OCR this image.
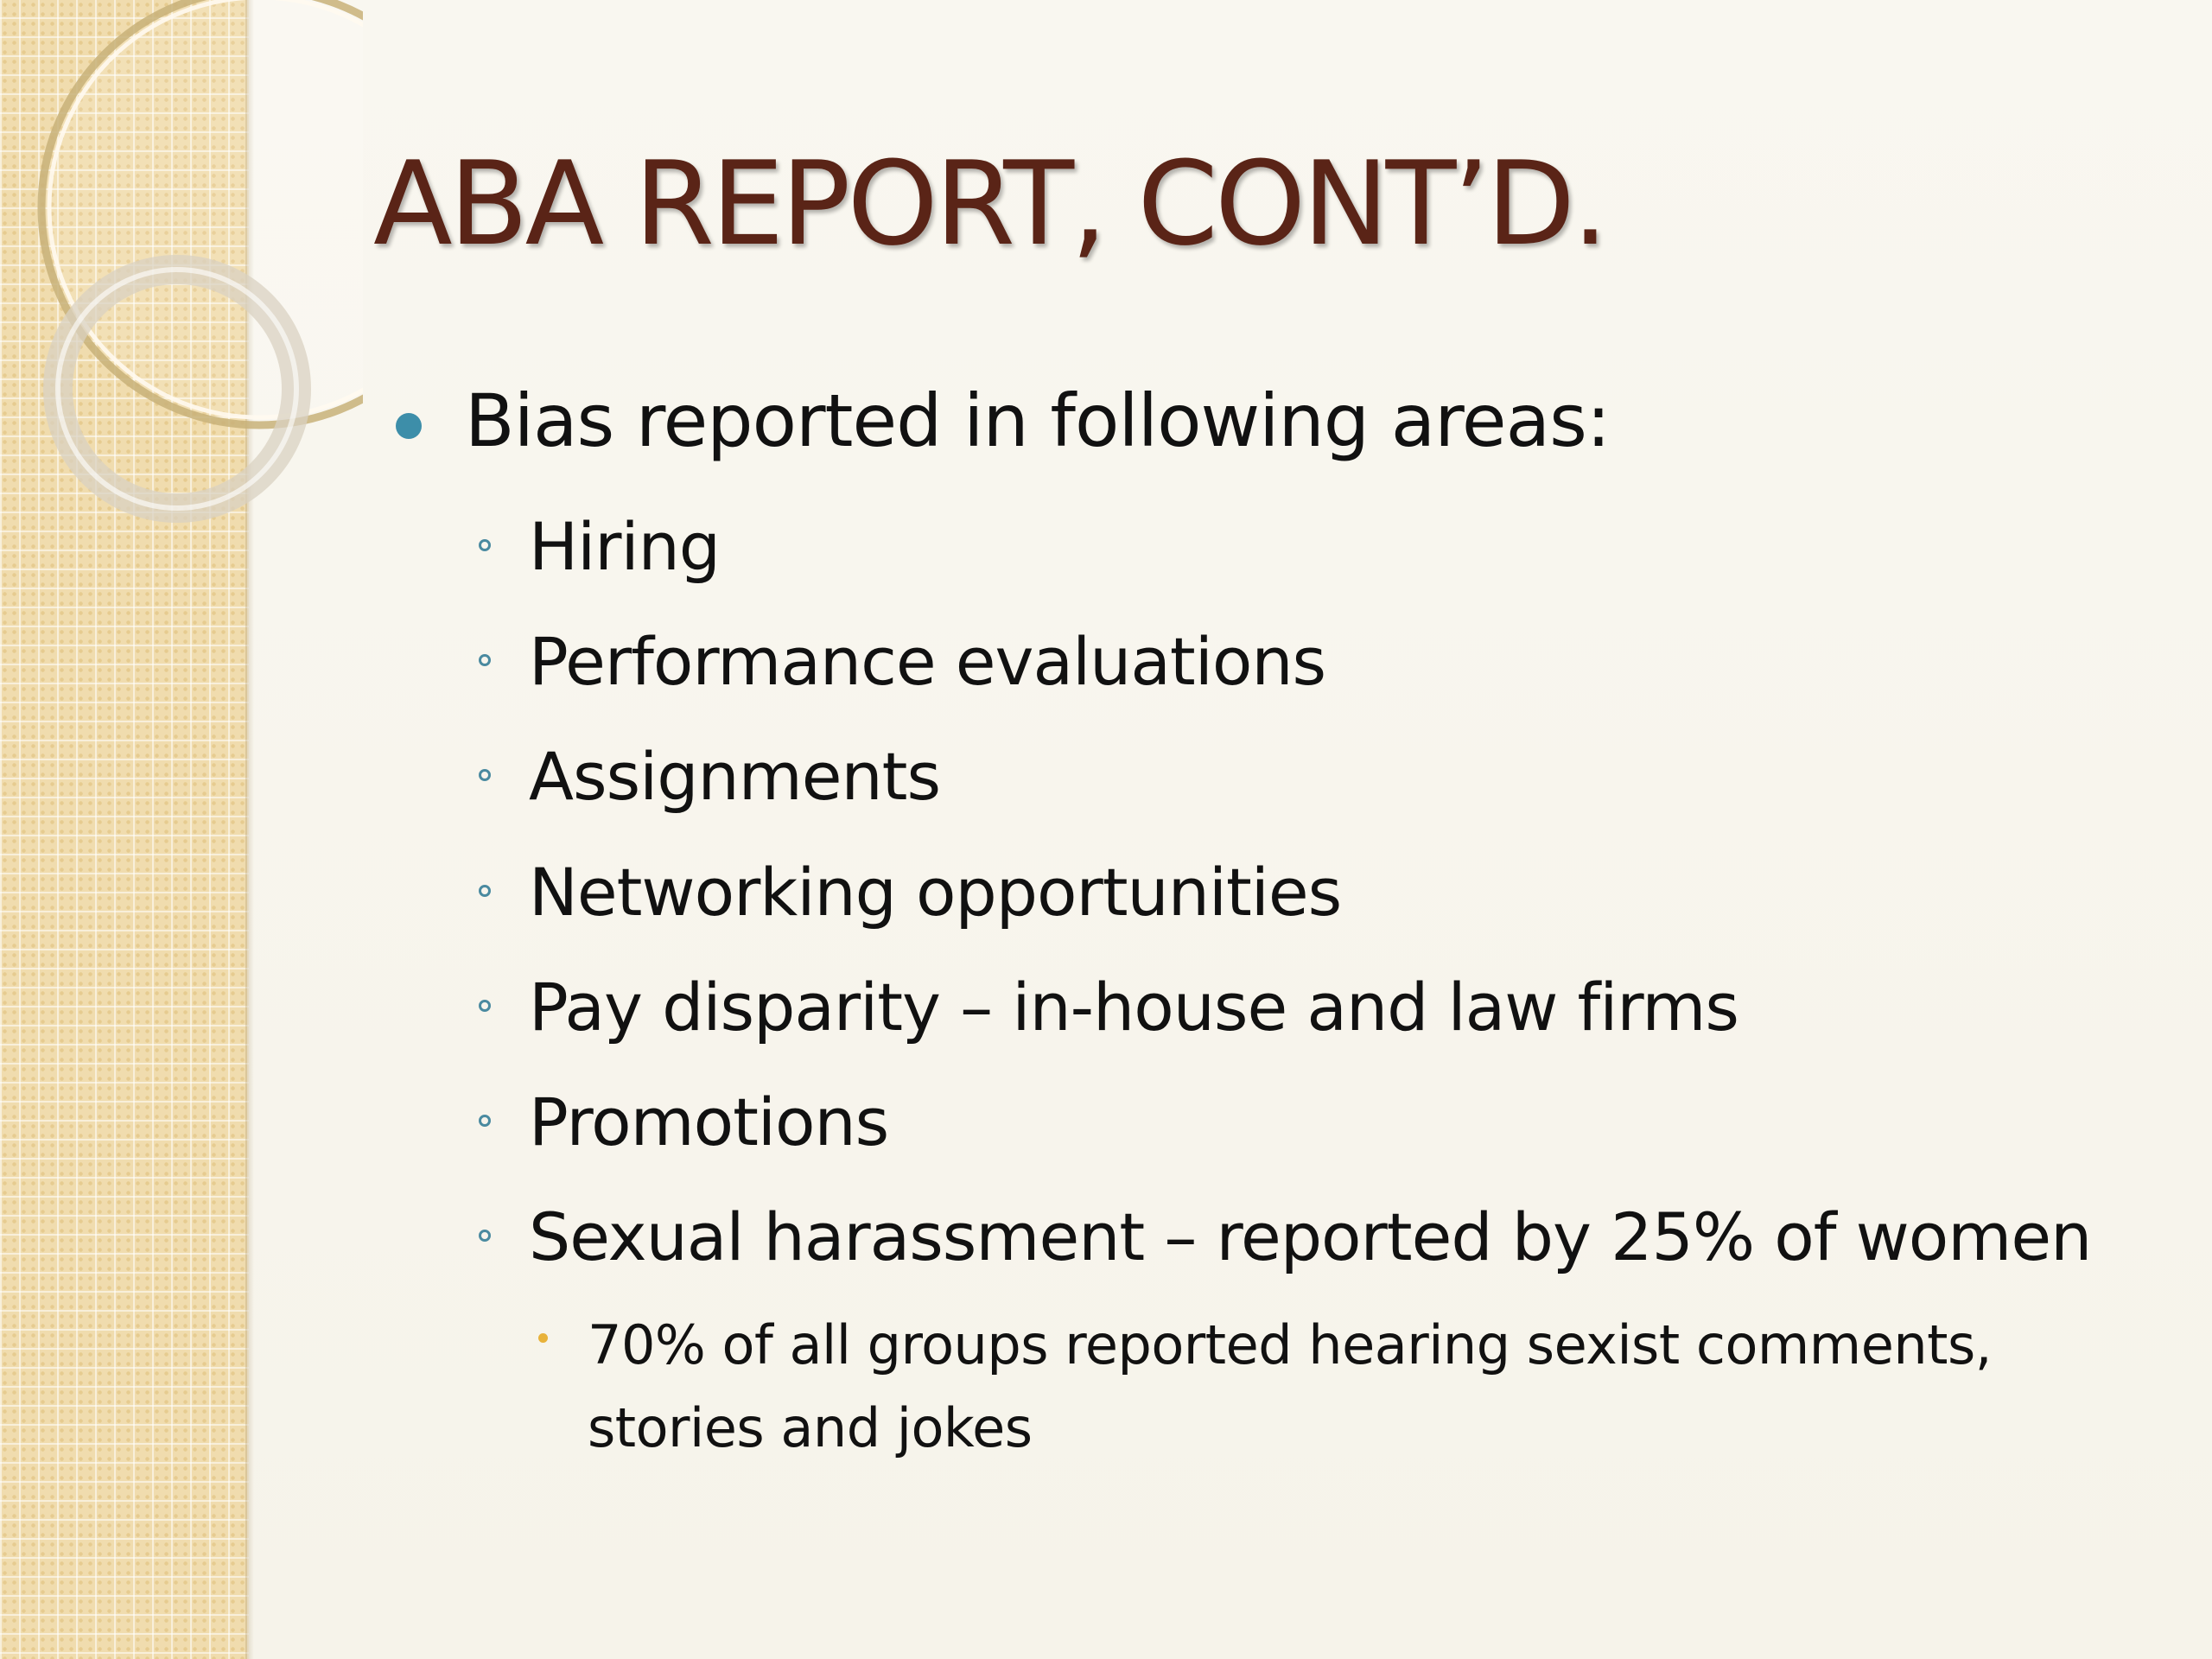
ABA REPORT, CONT’D.
Bias reported in following areas:
Hiring
Performance evaluations
Assignments
Networking opportunities
Pay disparity – in-house and law firms
Promotions
Sexual harassment – reported by 25% of women
70% of all groups reported hearing sexist comments,
stories and jokes
